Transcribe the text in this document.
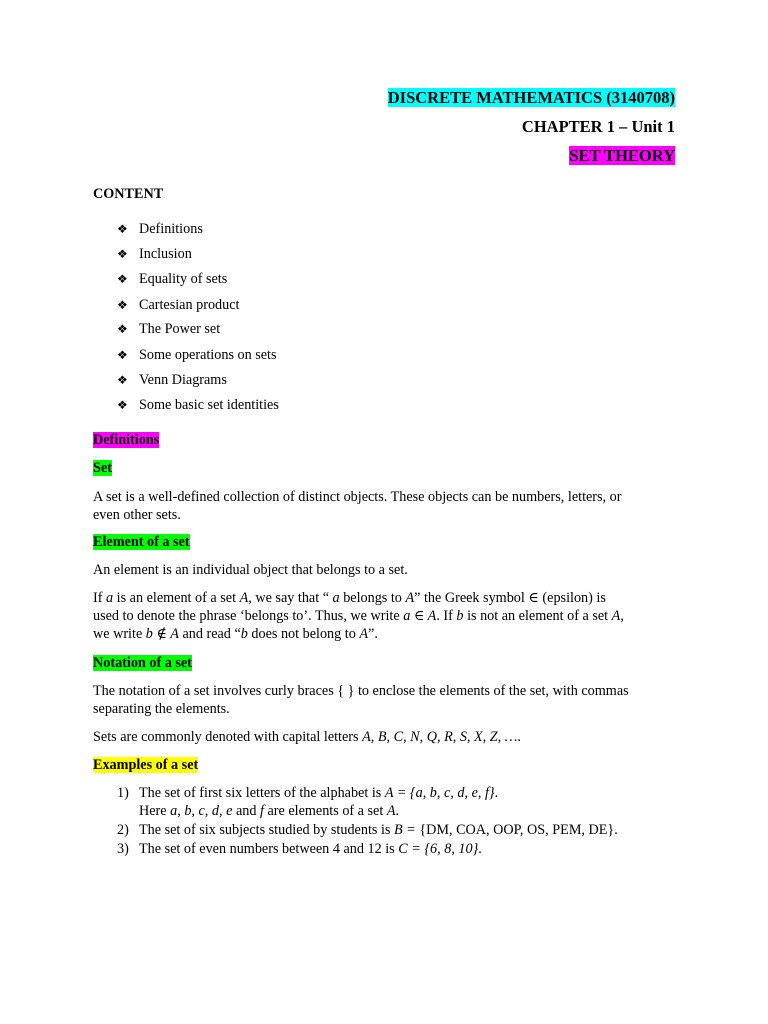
DISCRETE MATHEMATICS (3140708)
CHAPTER 1 – Unit 1
SET THEORY
CONTENT
❖ Definitions
❖ Inclusion
❖ Equality of sets
❖ Cartesian product
❖ The Power set
❖ Some operations on sets
❖ Venn Diagrams
❖ Some basic set identities
Definitions
Set
A set is a well-defined collection of distinct objects. These objects can be numbers, letters, or
even other sets.
Element of a set
An element is an individual object that belongs to a set.
If a is an element of a set A, we say that “ a belongs to A” the Greek symbol ∈ (epsilon) is
used to denote the phrase ‘belongs to’. Thus, we write a ∈ A. If b is not an element of a set A,
we write b ∉ A and read “b does not belong to A”.
Notation of a set
The notation of a set involves curly braces { } to enclose the elements of the set, with commas
separating the elements.
Sets are commonly denoted with capital letters A, B, C, N, Q, R, S, X, Z, ….
Examples of a set
1) The set of first six letters of the alphabet is A = {a, b, c, d, e, f}.
Here a, b, c, d, e and f are elements of a set A.
2) The set of six subjects studied by students is B = {DM, COA, OOP, OS, PEM, DE}.
3) The set of even numbers between 4 and 12 is C = {6, 8, 10}.
